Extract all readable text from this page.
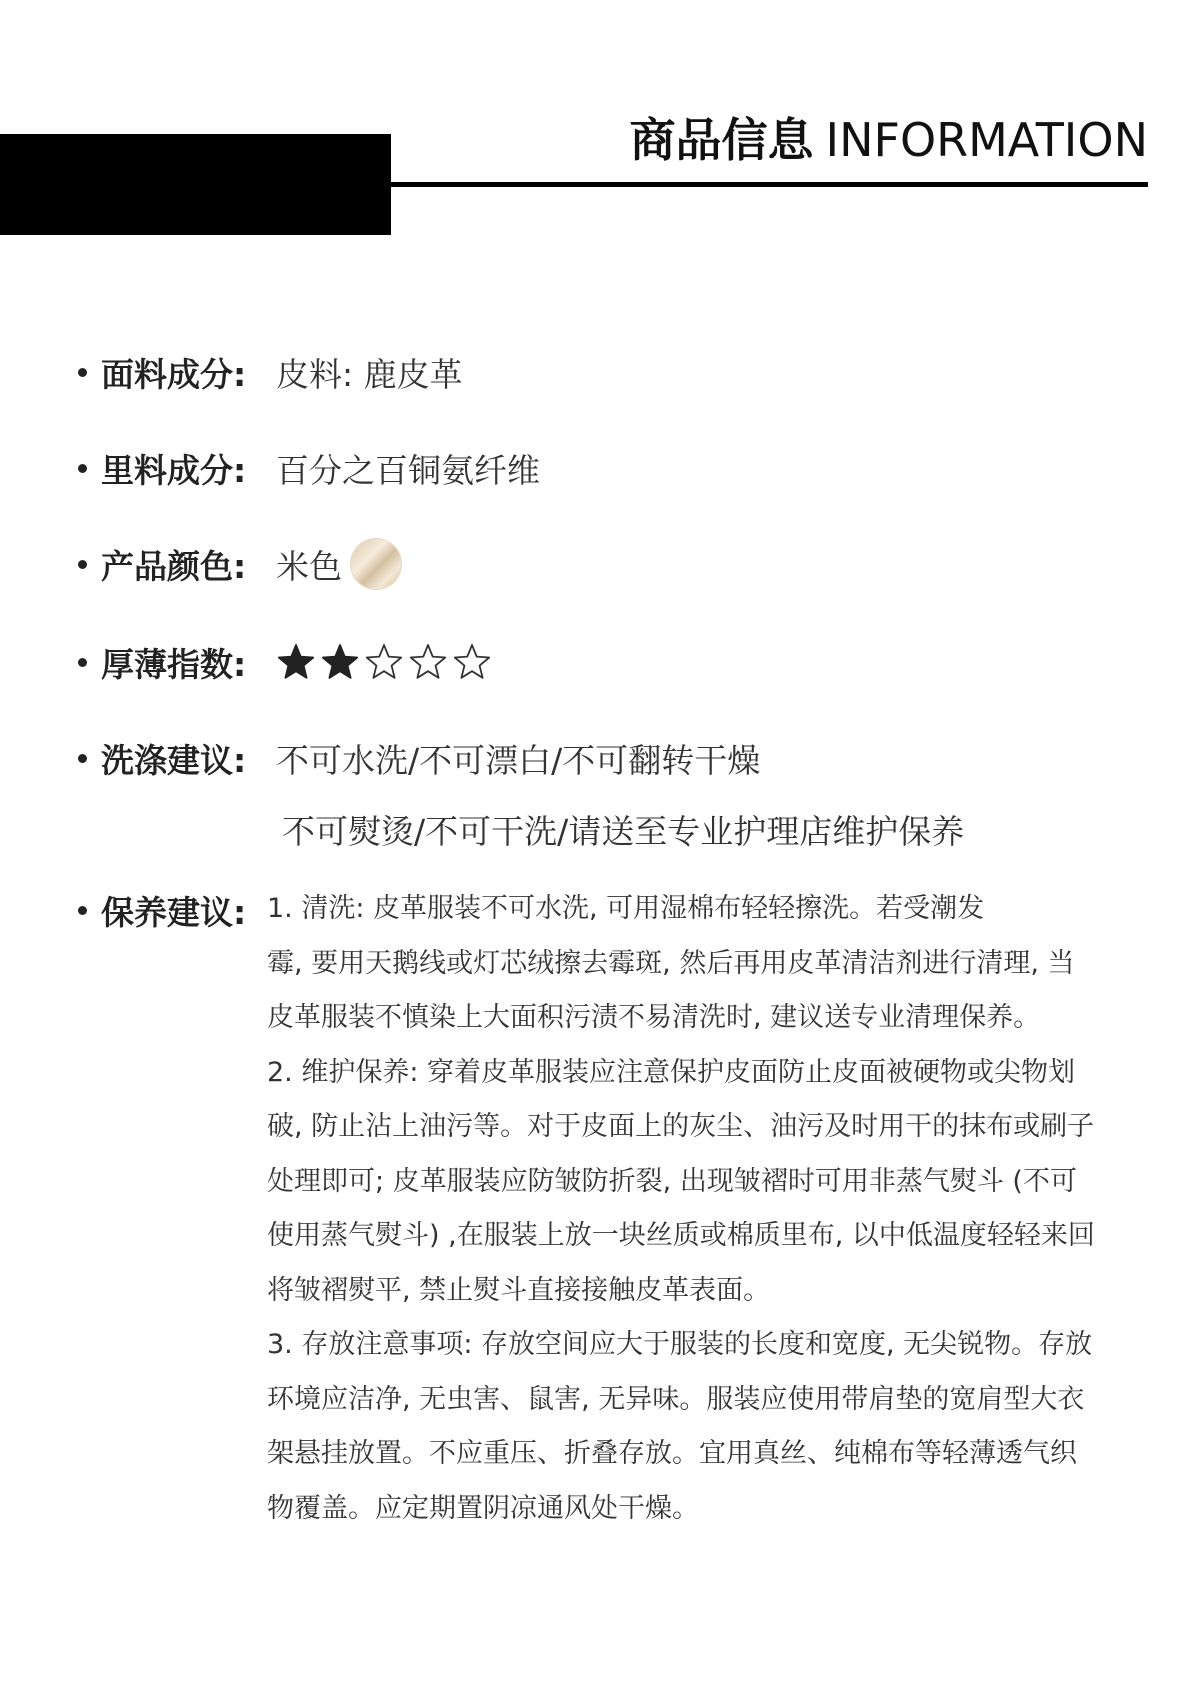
商品信息 INFORMATION
面料成分: 皮料: 鹿皮革
里料成分: 百分之百铜氨纤维
产品颜色: 米色
厚薄指数:
洗涤建议: 不可水洗/不可漂白/不可翻转干燥
不可熨烫/不可干洗/请送至专业护理店维护保养
保养建议: 1. 清洗: 皮革服装不可水洗, 可用湿棉布轻轻擦洗。若受潮发
霉, 要用天鹅线或灯芯绒擦去霉斑, 然后再用皮革清洁剂进行清理, 当皮革服装不慎染上大面积污渍不易清洗时, 建议送专业清理保养。

2. 维护保养: 穿着皮革服装应注意保护皮面防止皮面被硬物或尖物划破, 防止沾上油污等。对于皮面上的灰尘、油污及时用干的抹布或刷子处理即可; 皮革服装应防皱防折裂, 出现皱褶时可用非蒸气熨斗 (不可使用蒸气熨斗) ,在服装上放一块丝质或棉质里布, 以中低温度轻轻来回将皱褶熨平, 禁止熨斗直接接触皮革表面。

3. 存放注意事项: 存放空间应大于服装的长度和宽度, 无尖锐物。存放环境应洁净, 无虫害、鼠害, 无异味。服装应使用带肩垫的宽肩型大衣架悬挂放置。不应重压、折叠存放。宜用真丝、纯棉布等轻薄透气织物覆盖。应定期置阴凉通风处干燥。
